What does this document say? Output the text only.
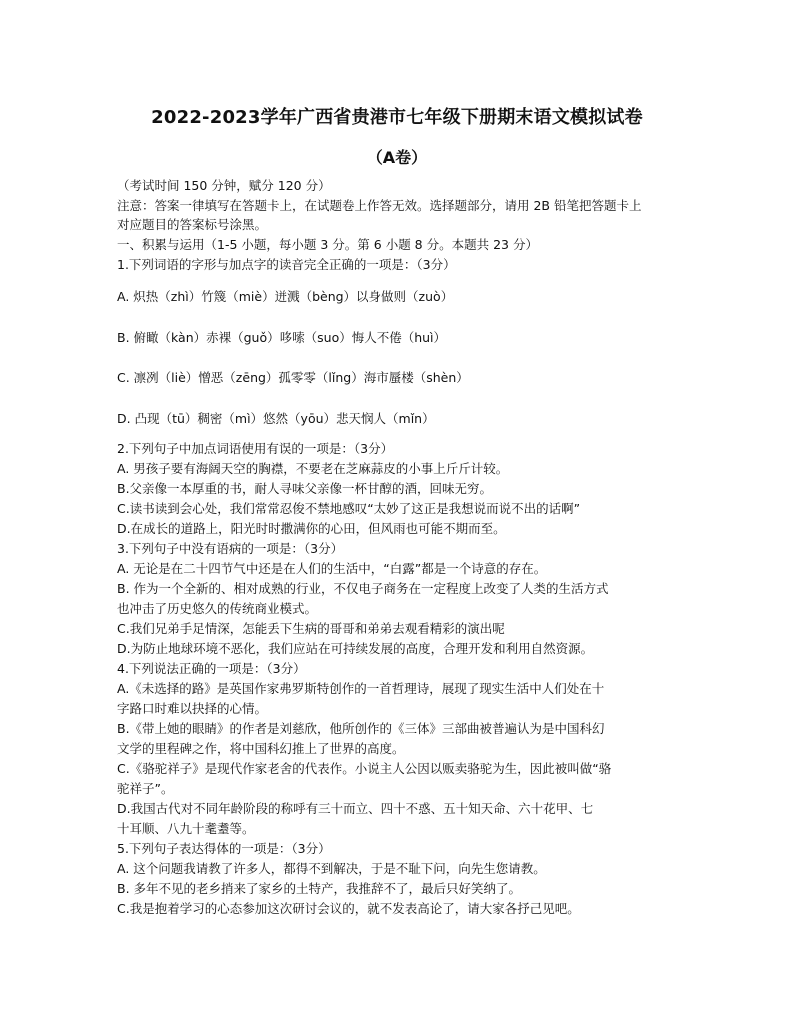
2022-2023学年广西省贵港市七年级下册期末语文模拟试卷
（A卷）
（考试时间 150 分钟，赋分 120 分）
注意：答案一律填写在答题卡上，在试题卷上作答无效。选择题部分，请用 2B 铅笔把答题卡上
对应题目的答案标号涂黑。
一、积累与运用（1-5 小题，每小题 3 分。第 6 小题 8 分。本题共 23 分）
1.下列词语的字形与加点字的读音完全正确的一项是：（3分）
A. 炽热（zhì）竹篾（miè）迸溅（bèng）以身做则（zuò）
B. 俯瞰（kàn）赤裸（guǒ）哆嗦（suo）悔人不倦（huì）
C. 凛冽（liè）憎恶（zēng）孤零零（lǐng）海市蜃楼（shèn）
D. 凸现（tū）稠密（mì）悠然（yōu）悲天悯人（mǐn）
2.下列句子中加点词语使用有误的一项是：（3分）
A. 男孩子要有海阔天空的胸襟，不要老在芝麻蒜皮的小事上斤斤计较。
B.父亲像一本厚重的书，耐人寻味父亲像一杯甘醇的酒，回味无穷。
C.读书读到会心处，我们常常忍俊不禁地感叹“太妙了这正是我想说而说不出的话啊”
D.在成长的道路上，阳光时时撒满你的心田，但风雨也可能不期而至。
3.下列句子中没有语病的一项是：（3分）
A. 无论是在二十四节气中还是在人们的生活中，“白露”都是一个诗意的存在。
B. 作为一个全新的、相对成熟的行业，不仅电子商务在一定程度上改变了人类的生活方式
也冲击了历史悠久的传统商业模式。
C.我们兄弟手足情深，怎能丢下生病的哥哥和弟弟去观看精彩的演出呢
D.为防止地球环境不恶化，我们应站在可持续发展的高度，合理开发和利用自然资源。
4.下列说法正确的一项是：（3分）
A.《未选择的路》是英国作家弗罗斯特创作的一首哲理诗，展现了现实生活中人们处在十
字路口时难以抉择的心情。
B.《带上她的眼睛》的作者是刘慈欣，他所创作的《三体》三部曲被普遍认为是中国科幻
文学的里程碑之作，将中国科幻推上了世界的高度。
C.《骆驼祥子》是现代作家老舍的代表作。小说主人公因以贩卖骆驼为生，因此被叫做“骆
驼祥子”。
D.我国古代对不同年龄阶段的称呼有三十而立、四十不惑、五十知天命、六十花甲、七
十耳顺、八九十耄耋等。
5.下列句子表达得体的一项是：（3分）
A. 这个问题我请教了许多人，都得不到解决，于是不耻下问，向先生您请教。
B. 多年不见的老乡捎来了家乡的土特产，我推辞不了，最后只好笑纳了。
C.我是抱着学习的心态参加这次研讨会议的，就不发表高论了，请大家各抒己见吧。
